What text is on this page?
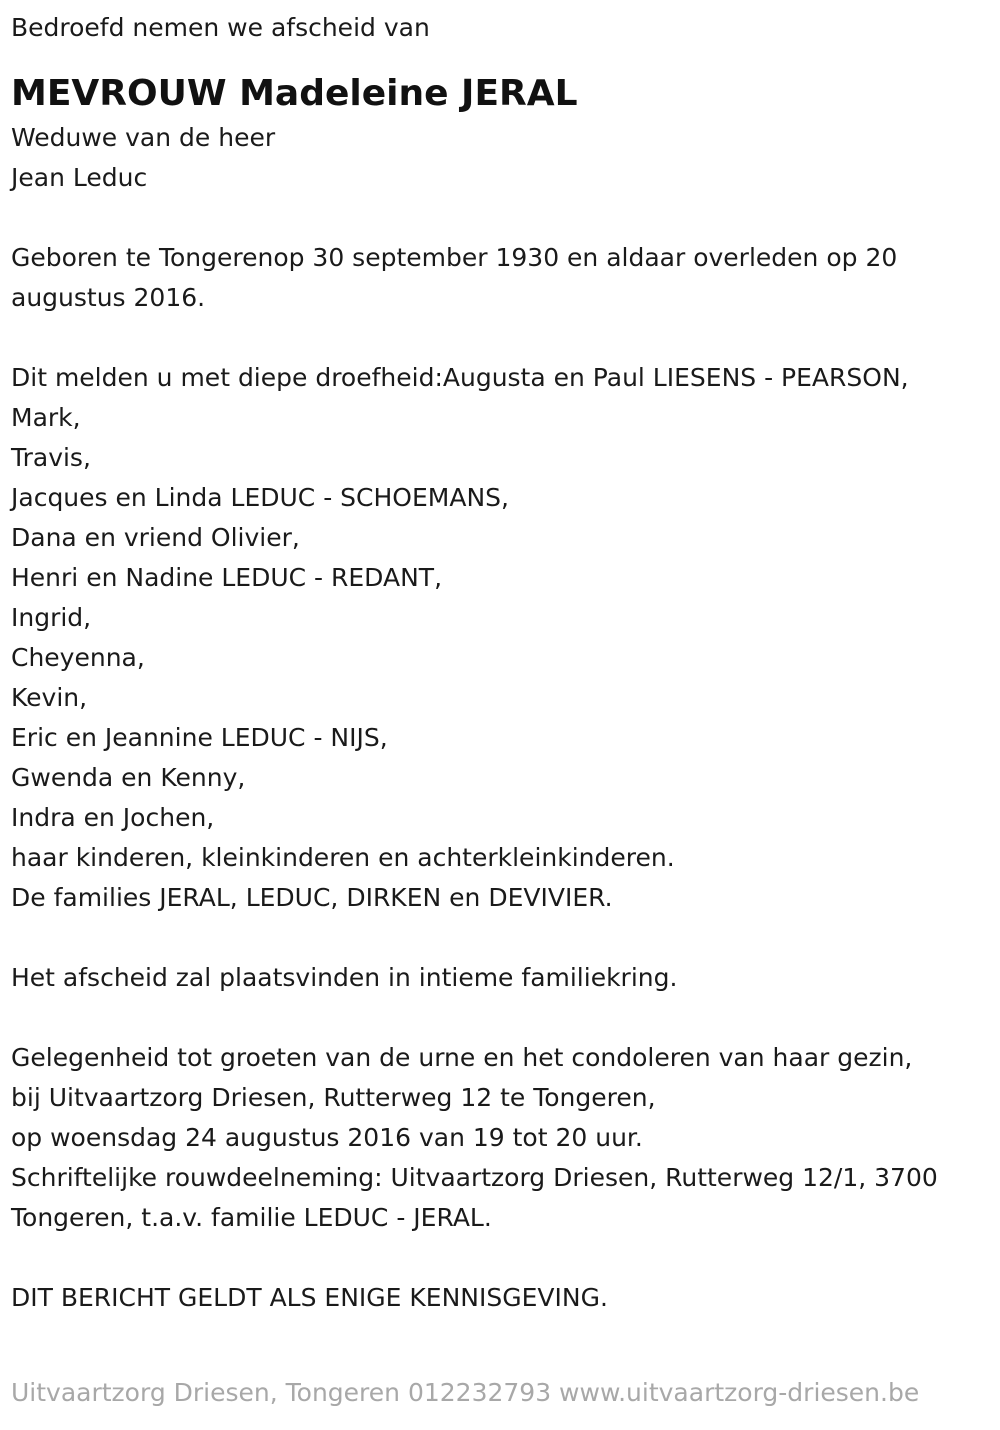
Bedroefd nemen we afscheid van
MEVROUW Madeleine JERAL
Weduwe van de heer
Jean Leduc
Geboren te Tongerenop 30 september 1930 en aldaar overleden op 20
augustus 2016.
Dit melden u met diepe droefheid:Augusta en Paul LIESENS - PEARSON,
Mark,
Travis,
Jacques en Linda LEDUC - SCHOEMANS,
Dana en vriend Olivier,
Henri en Nadine LEDUC - REDANT,
Ingrid,
Cheyenna,
Kevin,
Eric en Jeannine LEDUC - NIJS,
Gwenda en Kenny,
Indra en Jochen,
haar kinderen, kleinkinderen en achterkleinkinderen.
De families JERAL, LEDUC, DIRKEN en DEVIVIER.
Het afscheid zal plaatsvinden in intieme familiekring.
Gelegenheid tot groeten van de urne en het condoleren van haar gezin,
bij Uitvaartzorg Driesen, Rutterweg 12 te Tongeren,
op woensdag 24 augustus 2016 van 19 tot 20 uur.
Schriftelijke rouwdeelneming: Uitvaartzorg Driesen, Rutterweg 12/1, 3700
Tongeren, t.a.v. familie LEDUC - JERAL.
DIT BERICHT GELDT ALS ENIGE KENNISGEVING.
Uitvaartzorg Driesen, Tongeren 012232793 www.uitvaartzorg-driesen.be
